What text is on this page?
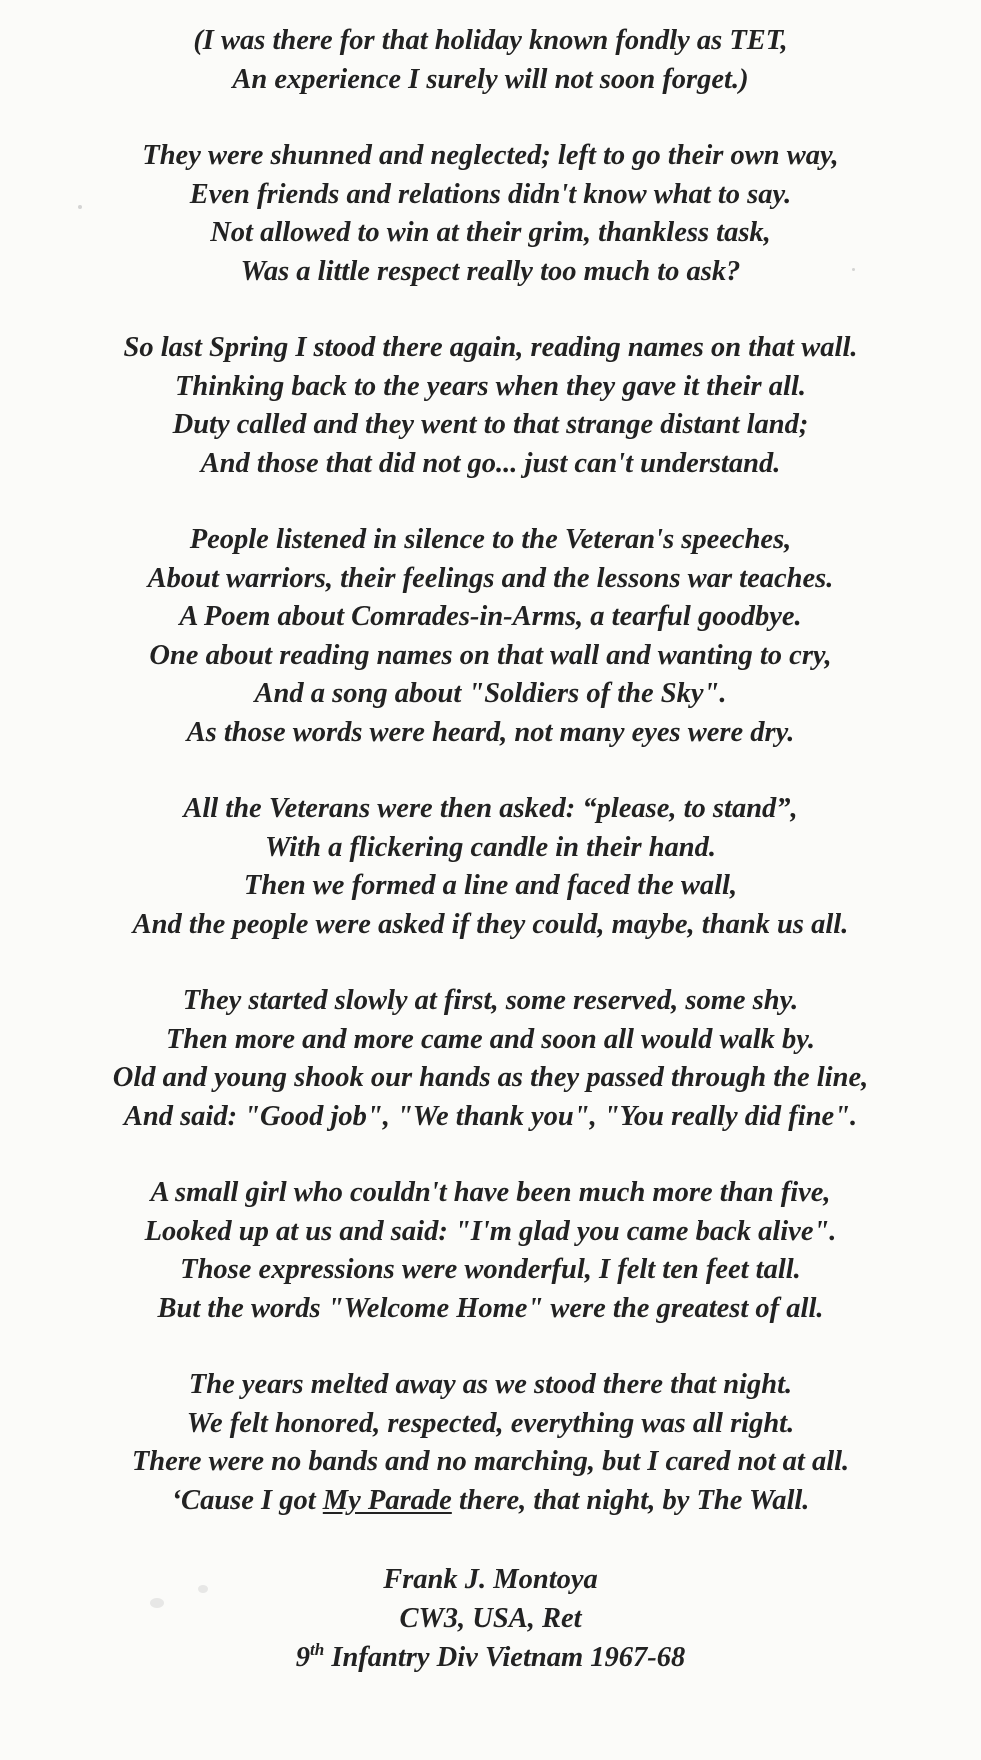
(I was there for that holiday known fondly as TET,
An experience I surely will not soon forget.)
They were shunned and neglected; left to go their own way,
Even friends and relations didn't know what to say.
Not allowed to win at their grim, thankless task,
Was a little respect really too much to ask?
So last Spring I stood there again, reading names on that wall.
Thinking back to the years when they gave it their all.
Duty called and they went to that strange distant land;
And those that did not go... just can't understand.
People listened in silence to the Veteran's speeches,
About warriors, their feelings and the lessons war teaches.
A Poem about Comrades-in-Arms, a tearful goodbye.
One about reading names on that wall and wanting to cry,
And a song about "Soldiers of the Sky".
As those words were heard, not many eyes were dry.
All the Veterans were then asked: “please, to stand”,
With a flickering candle in their hand.
Then we formed a line and faced the wall,
And the people were asked if they could, maybe, thank us all.
They started slowly at first, some reserved, some shy.
Then more and more came and soon all would walk by.
Old and young shook our hands as they passed through the line,
And said: "Good job", "We thank you", "You really did fine".
A small girl who couldn't have been much more than five,
Looked up at us and said: "I'm glad you came back alive".
Those expressions were wonderful, I felt ten feet tall.
But the words "Welcome Home" were the greatest of all.
The years melted away as we stood there that night.
We felt honored, respected, everything was all right.
There were no bands and no marching, but I cared not at all.
‘Cause I got My Parade there, that night, by The Wall.
Frank J. Montoya
CW3, USA, Ret
9th Infantry Div Vietnam 1967-68
